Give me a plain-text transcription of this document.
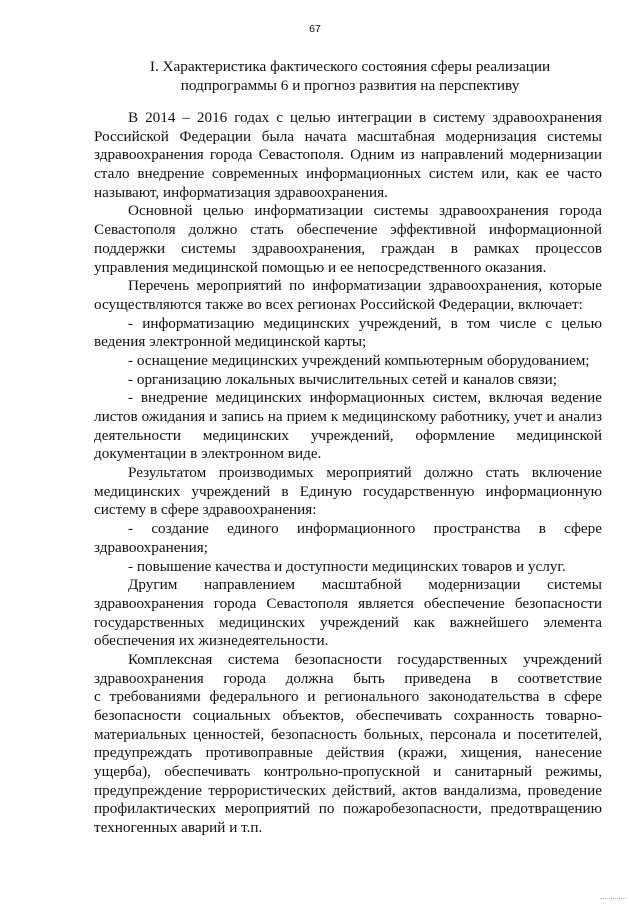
67
I. Характеристика фактического состояния сферы реализации
подпрограммы 6 и прогноз развития на перспективу
В 2014 – 2016 годах с целью интеграции в систему здравоохранения
Российской Федерации была начата масштабная модернизация системы
здравоохранения города Севастополя. Одним из направлений модернизации
стало внедрение современных информационных систем или, как ее часто
называют, информатизация здравоохранения.
Основной целью информатизации системы здравоохранения города
Севастополя должно стать обеспечение эффективной информационной
поддержки системы здравоохранения, граждан в рамках процессов
управления медицинской помощью и ее непосредственного оказания.
Перечень мероприятий по информатизации здравоохранения, которые
осуществляются также во всех регионах Российской Федерации, включает:
- информатизацию медицинских учреждений, в том числе с целью
ведения электронной медицинской карты;
- оснащение медицинских учреждений компьютерным оборудованием;
- организацию локальных вычислительных сетей и каналов связи;
- внедрение медицинских информационных систем, включая ведение
листов ожидания и запись на прием к медицинскому работнику, учет и анализ
деятельности медицинских учреждений, оформление медицинской
документации в электронном виде.
Результатом производимых мероприятий должно стать включение
медицинских учреждений в Единую государственную информационную
систему в сфере здравоохранения:
- создание единого информационного пространства в сфере
здравоохранения;
- повышение качества и доступности медицинских товаров и услуг.
Другим направлением масштабной модернизации системы
здравоохранения города Севастополя является обеспечение безопасности
государственных медицинских учреждений как важнейшего элемента
обеспечения их жизнедеятельности.
Комплексная система безопасности государственных учреждений
здравоохранения города должна быть приведена в соответствие
с требованиями федерального и регионального законодательства в сфере
безопасности социальных объектов, обеспечивать сохранность товарно-
материальных ценностей, безопасность больных, персонала и посетителей,
предупреждать противоправные действия (кражи, хищения, нанесение
ущерба), обеспечивать контрольно-пропускной и санитарный режимы,
предупреждение террористических действий, актов вандализма, проведение
профилактических мероприятий по пожаробезопасности, предотвращению
техногенных аварий и т.п.
